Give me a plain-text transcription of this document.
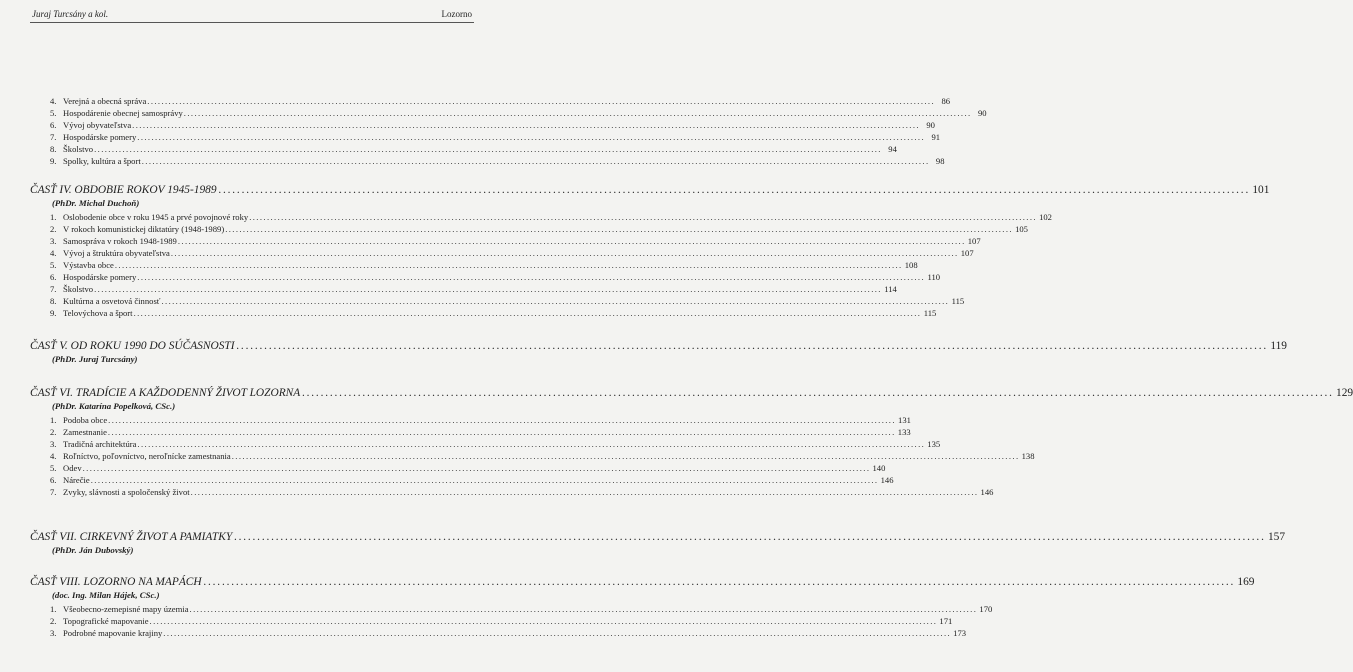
Juraj Turcsány a kol.	Lozorno
4. Verejná a obecná správa .............................................................................................................................................................................................................................. 86
5. Hospodárenie obecnej samosprávy .............................................................................................................................................................................................................................. 90
6. Vývoj obyvateľstva .............................................................................................................................................................................................................................. 90
7. Hospodárske pomery .............................................................................................................................................................................................................................. 91
8. Školstvo .............................................................................................................................................................................................................................. 94
9. Spolky, kultúra a šport .............................................................................................................................................................................................................................. 98
ČASŤ IV. OBDOBIE ROKOV 1945-1989 .............................................................................................................................................................................................................................. 101
(PhDr. Michal Duchoň)
1. Oslobodenie obce v roku 1945 a prvé povojnové roky .............................................................................................................................................................................................................................. 102
2. V rokoch komunistickej diktatúry (1948-1989) .............................................................................................................................................................................................................................. 105
3. Samospráva v rokoch 1948-1989 .............................................................................................................................................................................................................................. 107
4. Vývoj a štruktúra obyvateľstva .............................................................................................................................................................................................................................. 107
5. Výstavba obce .............................................................................................................................................................................................................................. 108
6. Hospodárske pomery .............................................................................................................................................................................................................................. 110
7. Školstvo .............................................................................................................................................................................................................................. 114
8. Kultúrna a osvetová činnosť .............................................................................................................................................................................................................................. 115
9. Telovýchova a šport .............................................................................................................................................................................................................................. 115
ČASŤ V. OD ROKU 1990 DO SÚČASNOSTI .............................................................................................................................................................................................................................. 119
(PhDr. Juraj Turcsány)
ČASŤ VI. TRADÍCIE A KAŽDODENNÝ ŽIVOT LOZORNA .............................................................................................................................................................................................................................. 129
(PhDr. Katarína Popelková, CSc.)
1. Podoba obce .............................................................................................................................................................................................................................. 131
2. Zamestnanie .............................................................................................................................................................................................................................. 133
3. Tradičná architektúra .............................................................................................................................................................................................................................. 135
4. Roľníctvo, poľovníctvo, neroľnícke zamestnania .............................................................................................................................................................................................................................. 138
5. Odev .............................................................................................................................................................................................................................. 140
6. Nárečie .............................................................................................................................................................................................................................. 146
7. Zvyky, slávnosti a spoločenský život .............................................................................................................................................................................................................................. 146
ČASŤ VII. CIRKEVNÝ ŽIVOT A PAMIATKY .............................................................................................................................................................................................................................. 157
(PhDr. Ján Dubovský)
ČASŤ VIII. LOZORNO NA MAPÁCH .............................................................................................................................................................................................................................. 169
(doc. Ing. Milan Hájek, CSc.)
1. Všeobecno-zemepisné mapy územia .............................................................................................................................................................................................................................. 170
2. Topografické mapovanie .............................................................................................................................................................................................................................. 171
3. Podrobné mapovanie krajiny .............................................................................................................................................................................................................................. 173
